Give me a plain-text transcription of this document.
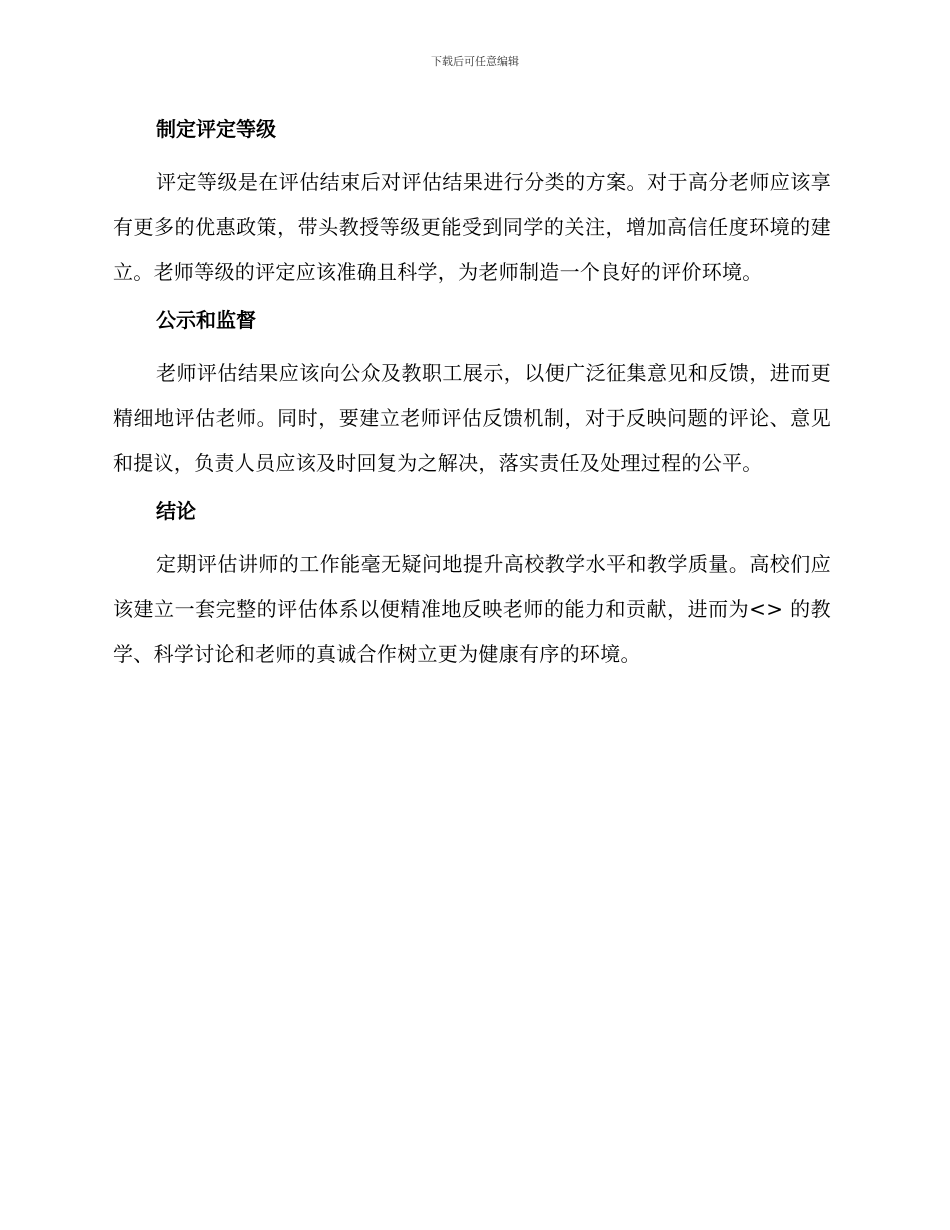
下载后可任意编辑
制定评定等级

评定等级是在评估结束后对评估结果进行分类的方案。对于高分老师应该享有更多的优惠政策，带头教授等级更能受到同学的关注，增加高信任度环境的建立。老师等级的评定应该准确且科学，为老师制造一个良好的评价环境。

公示和监督

老师评估结果应该向公众及教职工展示，以便广泛征集意见和反馈，进而更精细地评估老师。同时，要建立老师评估反馈机制，对于反映问题的评论、意见和提议，负责人员应该及时回复为之解决，落实责任及处理过程的公平。

结论

定期评估讲师的工作能毫无疑问地提升高校教学水平和教学质量。高校们应该建立一套完整的评估体系以便精准地反映老师的能力和贡献，进而为<> 的教学、科学讨论和老师的真诚合作树立更为健康有序的环境。
